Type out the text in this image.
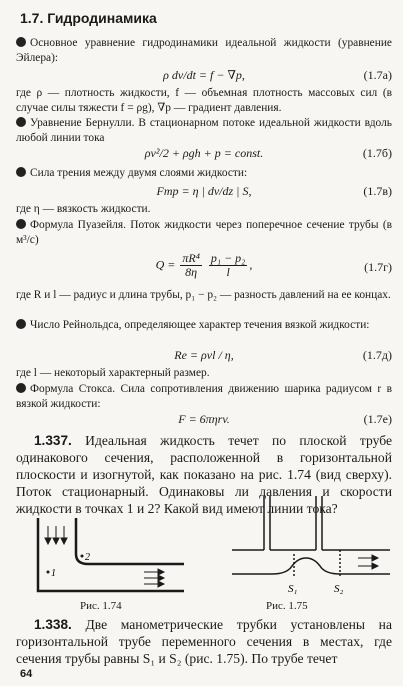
1.7. Гидродинамика
Основное уравнение гидродинамики идеальной жидкости (уравнение Эйлера):
ρ dv/dt = f − ∇p,	(1.7а)
где ρ — плотность жидкости, f — объемная плотность массовых сил (в случае силы тяжести f = ρg), ∇p — градиент давления.
Уравнение Бернулли. В стационарном потоке идеальной жидкости вдоль любой линии тока
ρv²/2 + ρgh + p = const.	(1.7б)
Сила трения между двумя слоями жидкости:
Fтр = η | dv/dz | S,	(1.7в)
где η — вязкость жидкости.
Формула Пуазейля. Поток жидкости через поперечное сечение трубы (в м³/с)
$Q = \frac{\text{πR⁴}}{8\eta}$
$\frac{\text{p₁ − p₂}}{l}$ ,	(1.7г)
где R и l — радиус и длина трубы, p₁ − p₂ — разность давлений на ее концах.
Число Рейнольдса, определяющее характер течения вязкой жидкости:
Re = ρvl / η,	(1.7д)
где l — некоторый характерный размер.
Формула Стокса. Сила сопротивления движению шарика радиусом r в вязкой жидкости:
F = 6πηrv.	(1.7е)
1.337. Идеальная жидкость течет по плоской трубе одинакового сечения, расположенной в горизонтальной плоскости и изогнутой, как показано на рис. 1.74 (вид сверху). Поток стационарный. Одинаковы ли давления и скорости жидкости в точках 1 и 2? Какой вид имеют линии тока?
2
1
Рис. 1.74
S₁	S₂
Рис. 1.75
1.338. Две манометрические трубки установлены на горизонтальной трубе переменного сечения в местах, где сечения трубы равны S₁ и S₂ (рис. 1.75). По трубе течет
64
